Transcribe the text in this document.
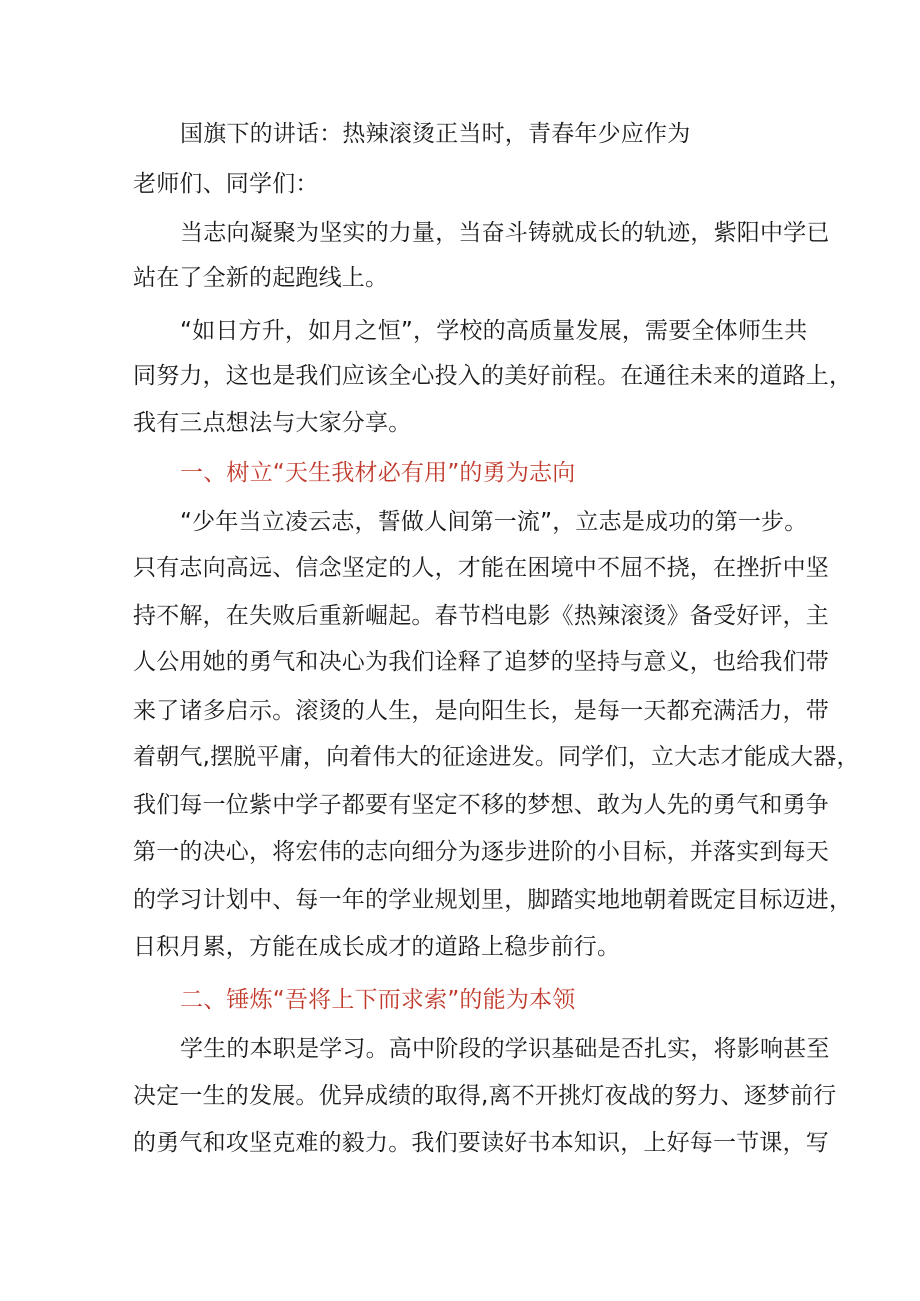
国旗下的讲话：热辣滚烫正当时，青春年少应作为
老师们、同学们：
当志向凝聚为坚实的力量，当奋斗铸就成长的轨迹，紫阳中学已
站在了全新的起跑线上。
“如日方升，如月之恒”，学校的高质量发展，需要全体师生共
同努力，这也是我们应该全心投入的美好前程。在通往未来的道路上，
我有三点想法与大家分享。
一、树立“天生我材必有用”的勇为志向
“少年当立凌云志，誓做人间第一流”，立志是成功的第一步。
只有志向高远、信念坚定的人，才能在困境中不屈不挠，在挫折中坚
持不解，在失败后重新崛起。春节档电影《热辣滚烫》备受好评，主
人公用她的勇气和决心为我们诠释了追梦的坚持与意义，也给我们带
来了诸多启示。滚烫的人生，是向阳生长，是每一天都充满活力，带
着朝气,摆脱平庸，向着伟大的征途进发。同学们，立大志才能成大器，
我们每一位紫中学子都要有坚定不移的梦想、敢为人先的勇气和勇争
第一的决心，将宏伟的志向细分为逐步进阶的小目标，并落实到每天
的学习计划中、每一年的学业规划里，脚踏实地地朝着既定目标迈进，
日积月累，方能在成长成才的道路上稳步前行。
二、锤炼“吾将上下而求索”的能为本领
学生的本职是学习。高中阶段的学识基础是否扎实，将影响甚至
决定一生的发展。优异成绩的取得,离不开挑灯夜战的努力、逐梦前行
的勇气和攻坚克难的毅力。我们要读好书本知识，上好每一节课，写
